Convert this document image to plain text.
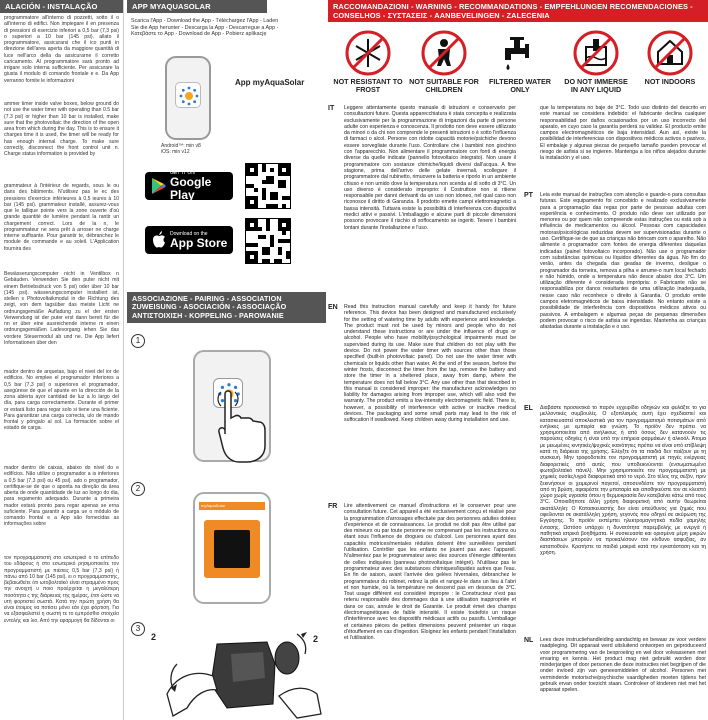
ALACIÓN - INSTALAÇÃO
programmatore all'interno di pozzetti, sotto il o all'interno di edifici. Non impiegare il en presenza di pressioni di esercizio inferiori a 0,5 bar (7,3 psi) o superiori a 10 bar (145 psi). allato il programmatore, assicurarsi che il ico punti in direzione dell'area aperta da maggiore quantità di luce nell'arco della da assicurarne il corretto caricamento. Al programmatore sarà pronto ad irrigare solo interna sufficiente. Per assicurare la giusta il modulo di comando frontale e e. Da App verranno fornite le informazioni
ammer timer inside valve boxes, below ground do not use the water timer with operating than 0.5 bar (7.3 psi) or higher than 10 bar is installed, make sure that the photovoltaic the direction of the open area from which during the day. This is to ensure it charges time it is used, the timer will be ready for has enough internal charge. To make sure correctly, disconnect the front control unit n. Charge status information is provided by
grammateur à l'intérieur de regards, sous le ou dans des bâtiments. N'utilisez pas le ec des pressions d'exercice inférieures à 0,5 ieures à 10 bar (145 psi). grammateur installé, assurez-vous que le tallique pointe vers la zone ouverte d'où grande quantité de lumière pendant la rantir un chargement correct. Lors de la n, le programmateur ne sera prêt à arroser ne charge interne suffisante. Pour garantir te, débranchez le module de commande e au soleil. L'Application fournira des
Bewässerungscomputer nicht in Ventilbox n Gebäuden. Verwenden Sie den puter nicht mit einem Betriebsdruck von 5 psi) oder über 10 bar (145 psi). wässerungscomputer installiert ist, stellen s Photovoltaikmodul in die Richtung des zeigt, von dem tagsüber das meiste Licht ne ordnungsgemäße Aufladung zu el der ersten Verwendung ist der puter erst dann bereit für die nn er über eine ausreichende interne m einen ordnungsgemäßen Ladevorgang iehen Sie das vordere Steuermodul ab und ne. Die App liefert Informationen über den
mador dentro de arquetas, bajo el nivel del ior de edificios. No emplee el programador inferiores a 0,5 bar (7,3 psi) o superiores el programador, asegúrese de que el apunte en la dirección de la zona abierta ayor cantidad de luz a lo largo del día, para carga correctamente. Durante el primer or estará listo para regar solo si tiene una ficiente. Para garantizar una carga correcta, ulo de mando frontal y póngalo al sol. La formación sobre el estado de carga.
mador dentro de caixas, abaixo do nível do e edifícios. Não utilize o programador a is inferiores a 0,5 bar (7,3 psi) ou 45 psi). ado o programador, certifique-se de que o aponta na direção da área aberta de onde quantidade de luz ao longo do dia, para regamento adequado. Durante a primeira mador estará pronto para regar apenas se erna suficiente. Para garantir a carga ue o módulo de comando frontal e a App são fornecidas as informações sobre
τον προγραμματιστή στο εσωτερικό ο το επίπεδο του εδάφους ή στο εσωτερικό ρησιμοποιείτε τον προγραμματιστή με πιέσεις 0,5 bar (7,3 psi) ή πάνω από 10 bar (145 psi). ει ο προγραμματιστής, βεβαιωθείτε ότι ωτοβολταϊκό είναι στραμμένο προς την ανοιχτή υ ποιο προέρχεται η μεγαλύτερη ποσότητα ς της διάρκειας της ημέρας, έτσι ώστε να υτή φορτιστεί σωστά. Κατά την πρώτη χρήση θα είναι έτοιμος να ποτίσει μόνο εάν έχει φόρτιση. Για να εξασφαλιστεί η σωστή τε το εμπρόσθιο στοιχείο εντολής και λιο. Από την εφαρμογή θα δίδονται οι
APP MYAQUASOLAR
Scarica l'App - Download the App - Téléchargez l'App - Laden Sie die App herunter - Descarga la App - Descarregue a App - Κατεβάστε το App - Download de App - Pobierz aplikację
App myAquaSolar
Android™: min v8
iOS: min v12
GET IT ON
Google Play
Download on the
App Store
ASSOCIAZIONE - PAIRING - ASSOCIATION ZUWEISUNG - ASOCIACIÓN - ASSOCIAÇÃO ΑΝΤΙΣΤΟΙΧΙΣΗ - KOPPELING - PAROWANIE
1
2
myAquaSolar
3
2	2
RACCOMANDAZIONI - WARNING - RECOMMANDATIONS - EMPFEHLUNGEN RECOMENDACIONES - CONSELHOS - ΣΥΣΤΑΣΕΙΣ - AANBEVELINGEN - ZALECENIA
NOT RESISTANT TO FROST
NOT SUITABLE FOR CHILDREN
FILTERED WATER ONLY
DO NOT IMMERSE IN ANY LIQUID
NOT INDOORS
IT Leggere attentamente questo manuale di istruzioni e conservarlo per consultazioni future. Questa apparecchiatura è stata concepita e realizzata esclusivamente per la programmazione di irrigazioni da parte di persone adulte con esperienza e conoscenza. Il prodotto non deve essere utilizzato da minori o da chi non comprende le presenti istruzioni o è sotto l'influenza di farmaci o alcol. Persone con ridotte capacità motorie/psichiche devono essere sorvegliate durante l'uso. Controllare che i bambini non giochino con l'apparecchio. Non alimentare il programmatore con fonti di energia diverse da quelle indicate (pannello fotovoltaico integrato). Non usare il programmatore con sostanze chimiche/liquidi diversi dall'acqua. A fine stagione, prima dell'arrivo delle gelate invernali, scollegare il programmatore dal rubinetto, rimuovere la batteria e riporlo in un ambiente chiuso e non umido dove la temperatura non scenda al di sotto di 3°C. Un uso diverso è considerato improprio: il Costruttore non si ritiene responsabile per danni derivanti da un uso non idoneo, nel qual caso non riconosce il diritto di Garanzia. Il prodotto emette campi elettromagnetici a bassa intensità. Tuttavia esiste la possibilità di interferenza con dispositivi medici attivi e passivi. L'imballaggio e alcune parti di piccole dimensioni possono provocare il rischio di soffocamento se ingeriti. Tenere i bambini lontani durante l'installazione e l'uso.
EN Read this instruction manual carefully and keep it handy for future reference. This device has been designed and manufactured exclusively for the setting of watering time by adults with experience and knowledge. The product must not be used by minors and people who do not understand these instructions or are under the influence of drugs or alcohol. People who have mobility/psychological impairments must be supervised during its use. Make sure that children do not play with the device. Do not power the water timer with sources other than those specified (built-in photovoltaic panel). Do not use the water timer with chemicals or liquids other than water. At the end of the season, before the winter frosts, disconnect the timer from the tap, remove the battery and store the timer in a sheltered place, away from damp, where the temperature does not fall below 3°C. Any use other than that described in this manual is considered improper: the manufacturer acknowledges no liability for damages arising from improper use, which will also void the warranty. The product emits a low-intensity electromagnetic field. There is, however, a possibility of interference with active or inactive medical devices. The packaging and some small parts may lead to the risk of suffocation if swallowed. Keep children away during installation and use.
FR Lire attentivement ce manuel d'instructions et le conserver pour une consultation future. Cet appareil a été exclusivement conçu et réalisé pour la programmation d'arrosages effectuée par des personnes adultes dotées d'expérience et de connaissances. Le produit ne doit pas être utilisé par des mineurs ou par toute personne ne comprenant pas les instructions ou étant sous l'influence de drogues ou d'alcool. Les personnes ayant des capacités motrices/mentales réduites doivent être surveillées pendant l'utilisation. Contrôler que les enfants ne jouent pas avec l'appareil. N'alimentez pas le programmateur avec des sources d'énergie différentes de celles indiquées (panneau photovoltaïque intégré). N'utilisez pas le programmateur avec des substances chimiques/liquides autres que l'eau. En fin de saison, avant l'arrivée des gelées hivernales, débranchez le programmateur du robinet, retirez la pile et rangez-le dans un lieu à l'abri et non humide, où la température ne descend pas en dessous de 3°C. Tout usage différent est considéré impropre : le Constructeur n'est pas retenu responsable des dommages dus à une utilisation inappropriée et dans ce cas, annule le droit de Garantie. Le produit émet des champs électromagnétiques de faible intensité. Il existe toutefois un risque d'interférence avec les dispositifs médicaux actifs ou passifs. L'emballage et certaines pièces de petites dimensions peuvent présenter un risque d'étouffement en cas d'ingestion. Éloignez les enfants pendant l'installation et l'utilisation.
que la temperatura no baje de 3°C. Todo uso distinto del descrito en este manual se considera indebido: el fabricante declina cualquier responsabilidad por daños ocasionados por un uso incorrecto del aparato, en cuyo caso la garantía perderá su validez. El producto emite campos electromagnéticos de baja intensidad. Aun así, existe la posibilidad de interferencias con dispositivos médicos activos o pasivos. El embalaje y algunas piezas de pequeño tamaño pueden provocar el riesgo de asfixia si se ingieren. Mantenga a los niños alejados durante la instalación y el uso.
PT Leia este manual de instruções com atenção e guarde-o para consultas futuras. Este equipamento foi concebido e realizado exclusivamente para a programação das regas por parte de pessoas adultas com experiência e conhecimento. O produto não deve ser utilizado por menores ou por quem não compreende estas instruções ou está sob a influência de medicamentos ou álcool. Pessoas com capacidades motoras/psicológicas reduzidas devem ser supervisionadas durante o uso. Certifique-se de que as crianças não brincam com o aparelho. Não alimente o programador com fontes de energia diferentes daquelas indicadas (painel fotovoltaico incorporado). Não use o programador com substâncias químicas ou líquidos diferentes da água. No fim do verão, antes da chegada das geadas de inverno, desligue o programador da torneira, remova a pilha e arrume-o num local fechado e não húmido, onde a temperatura não desce abaixo dos 3°C. Um utilização diferente é considerada imprópria: o Fabricante não se responsabiliza por danos resultantes de uma utilização inadequada, nesse caso não reconhece o direito à Garantia. O produto emite campos eletromagnéticos de baixa intensidade. No entanto existe a possibilidade de interferência com dispositivos médicos ativos ou passivos. A embalagem e algumas peças de pequenas dimensões podem provocar o risco de asfixia se ingeridas. Mantenha as crianças afastadas durante a instalação e o uso.
EL Διαβάστε προσεκτικά το παρόν εγχειρίδιο οδηγιών και φυλάξτε το για μελλοντικές συμβουλές. Ο εξοπλισμός αυτή έχει σχεδιαστεί και κατασκευαστεί αποκλειστικά για τον προγραμματισμό ποτισμάτων από ενήλικες με εμπειρία και γνώση. Το προϊόν δεν πρέπει να χρησιμοποιείται από ανήλικους ή από όσους δεν κατανοούν τις παρούσες οδηγίες ή είναι υπό την επήρεια φαρμάκων ή αλκοόλ. Άτομα με μειωμένες κινητικές/ψυχικές ικανότητες πρέπει να είναι υπό επίβλεψη κατά τη διάρκεια της χρήσης. Ελέγξτε ότι τα παιδιά δεν παίζουν με τη συσκευή. Μην τροφοδοτείτε τον προγραμματιστή με πηγές ενέργειας διαφορετικές από αυτές που υποδεικνύονται (ενσωματωμένο φωτοβολταϊκό πάνελ). Μην χρησιμοποιείτε τον προγραμματιστή με χημικές ουσίες/υγρά διαφορετικά από το νερό. Στο τέλος της σεζόν, πριν ξεκινήσουν οι χειμερινοί παγετοί, αποσυνδέστε τον προγραμματιστή από τη βρύση, αφαιρέστε την μπαταρία και αποθηκεύστε τον σε κλειστό χώρο χωρίς υγρασία όπου η θερμοκρασία δεν κατεβαίνει κάτω από τους 3°C. Οποιαδήποτε άλλη χρήση διαφορετική από αυτήν θεωρείται ακατάλληλη: Ο Κατασκευαστής δεν είναι υπεύθυνος για ζημιές που οφείλονται σε ακατάλληλη χρήση, γεγονός που οδηγεί σε ακύρωση της Εγγύησης. Το προϊόν εκπέμπει ηλεκτρομαγνητικά πεδία χαμηλής έντασης. Ωστόσο υπάρχει η δυνατότητα παρεμβολής με ενεργά ή παθητικά ιατρικά βοηθήματα. Η συσκευασία και ορισμένα μέρη μικρών διαστάσεων μπορούν να προκαλέσουν τον κίνδυνο ασφυξίας, αν καταποθούν. Κρατήστε τα παιδιά μακριά κατά την εγκατάσταση και τη χρήση.
NL Lees deze instructiehandleiding aandachtig en bewaar ze voor verdere raadpleging. Dit apparaat werd uitsluitend ontworpen en geproduceerd voor programmering van de besproeiing en wel door volwassenen met ervaring en kennis. Het product mag niet gebruikt worden door minderjarigen of door personen die deze instructies niet begrijpen of die onder invloed zijn van geneesmiddelen of alcohol. Personen met verminderde motorische/psychische vaardigheden moeten tijdens het gebruik ervan onder toezicht staan. Controleer of kinderen niet met het apparaat spelen.
